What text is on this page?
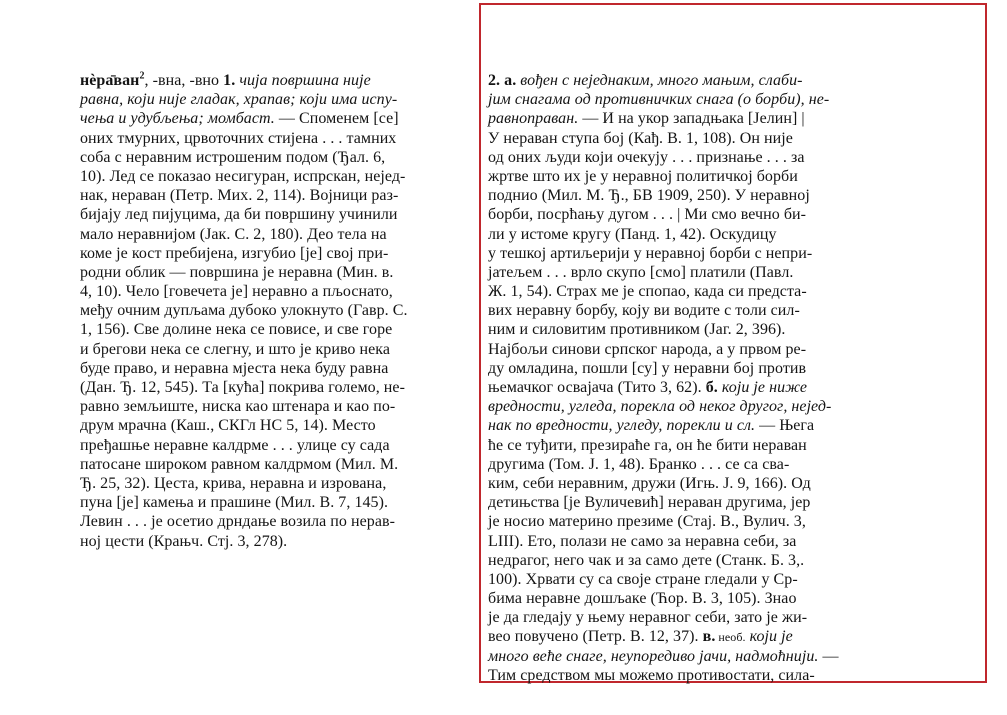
нѐра̄ван$^2$, -вна, -вно 1. чија површина није
равна, који није гладак, храпав; који има испу-
чења и удубљења; момбаст. — Споменем [се]
оних тмурних, црвоточних стијена . . . тамних
соба с неравним истрошеним подом (Ђал. 6,
10). Лед се показао несигуран, испрскан, нејед-
нак, нераван (Петр. Мих. 2, 114). Војници раз-
бијају лед пијуцима, да би површину учинили
мало неравнијом (Јак. С. 2, 180). Део тела на
коме је кост пребијена, изгубио [је] свој при-
родни облик — површина је неравна (Мин. в.
4, 10). Чело [говечета је] неравно а пљоснато,
међу очним дупљама дубоко улокнуто (Гавр. С.
1, 156). Све долине нека се повисе, и све горе
и брегови нека се слегну, и што је криво нека
буде право, и неравна мјеста нека буду равна
(Дан. Ђ. 12, 545). Та [кућа] покрива големо, не-
равно земљиште, ниска као штенара и као по-
друм мрачна (Каш., СКГл НС 5, 14). Место
пређашње неравне калдрме . . . улице су сада
патосане широком равном калдрмом (Мил. М.
Ђ. 25, 32). Цеста, крива, неравна и изрована,
пуна [је] камења и прашине (Мил. В. 7, 145).
Левин . . . је осетио дрндање возила по нерав-
ној цести (Крањч. Стј. 3, 278).
2. а. вођен с неједнаким, много мањим, слаби-
јим снагама од противничких снага (о борби), не-
равноправан. — И на укор западњака [Јелин] |
У нераван ступа бој (Кађ. В. 1, 108). Он није
од оних људи који очекују . . . признање . . . за
жртве што их је у неравној политичкој борби
поднио (Мил. М. Ђ., БВ 1909, 250). У неравној
борби, посрћању дугом . . . | Ми смо вечно би-
ли у истоме кругу (Панд. 1, 42). Оскудицу
у тешкој артиљерији у неравној борби с непри-
јатељем . . . врло скупо [смо] платили (Павл.
Ж. 1, 54). Страх ме је спопао, када си предста-
вих неравну борбу, коју ви водите с толи сил-
ним и силовитим противником (Јаг. 2, 396).
Најбољи синови српског народа, а у првом ре-
ду омладина, пошли [су] у неравни бој против
њемачког освајача (Тито 3, 62). б. који је ниже
вредности, угледа, порекла од неког другог, нејед-
нак по вредности, угледу, порекли и сл. — Њега
ће се туђити, презираће га, он ће бити нераван
другима (Том. Ј. 1, 48). Бранко . . . се са сва-
ким, себи неравним, дружи (Игњ. Ј. 9, 166). Од
детињства [је Вуличевић] нераван другима, јер
је носио материно презиме (Стај. В., Вулич. 3,
LIII). Ето, полази не само за неравна себи, за
недрагог, него чак и за само дете (Станк. Б. 3,.
100). Хрвати су са своје стране гледали у Ср-
бима неравне дошљаке (Ћор. В. 3, 105). Знао
је да гледају у њему неравног себи, зато је жи-
вео повучено (Петр. В. 12, 37). в. необ. који је
много веће снаге, неупоредиво јачи, надмоћнији. —
Тим средством мы можемо противостати, сила-
